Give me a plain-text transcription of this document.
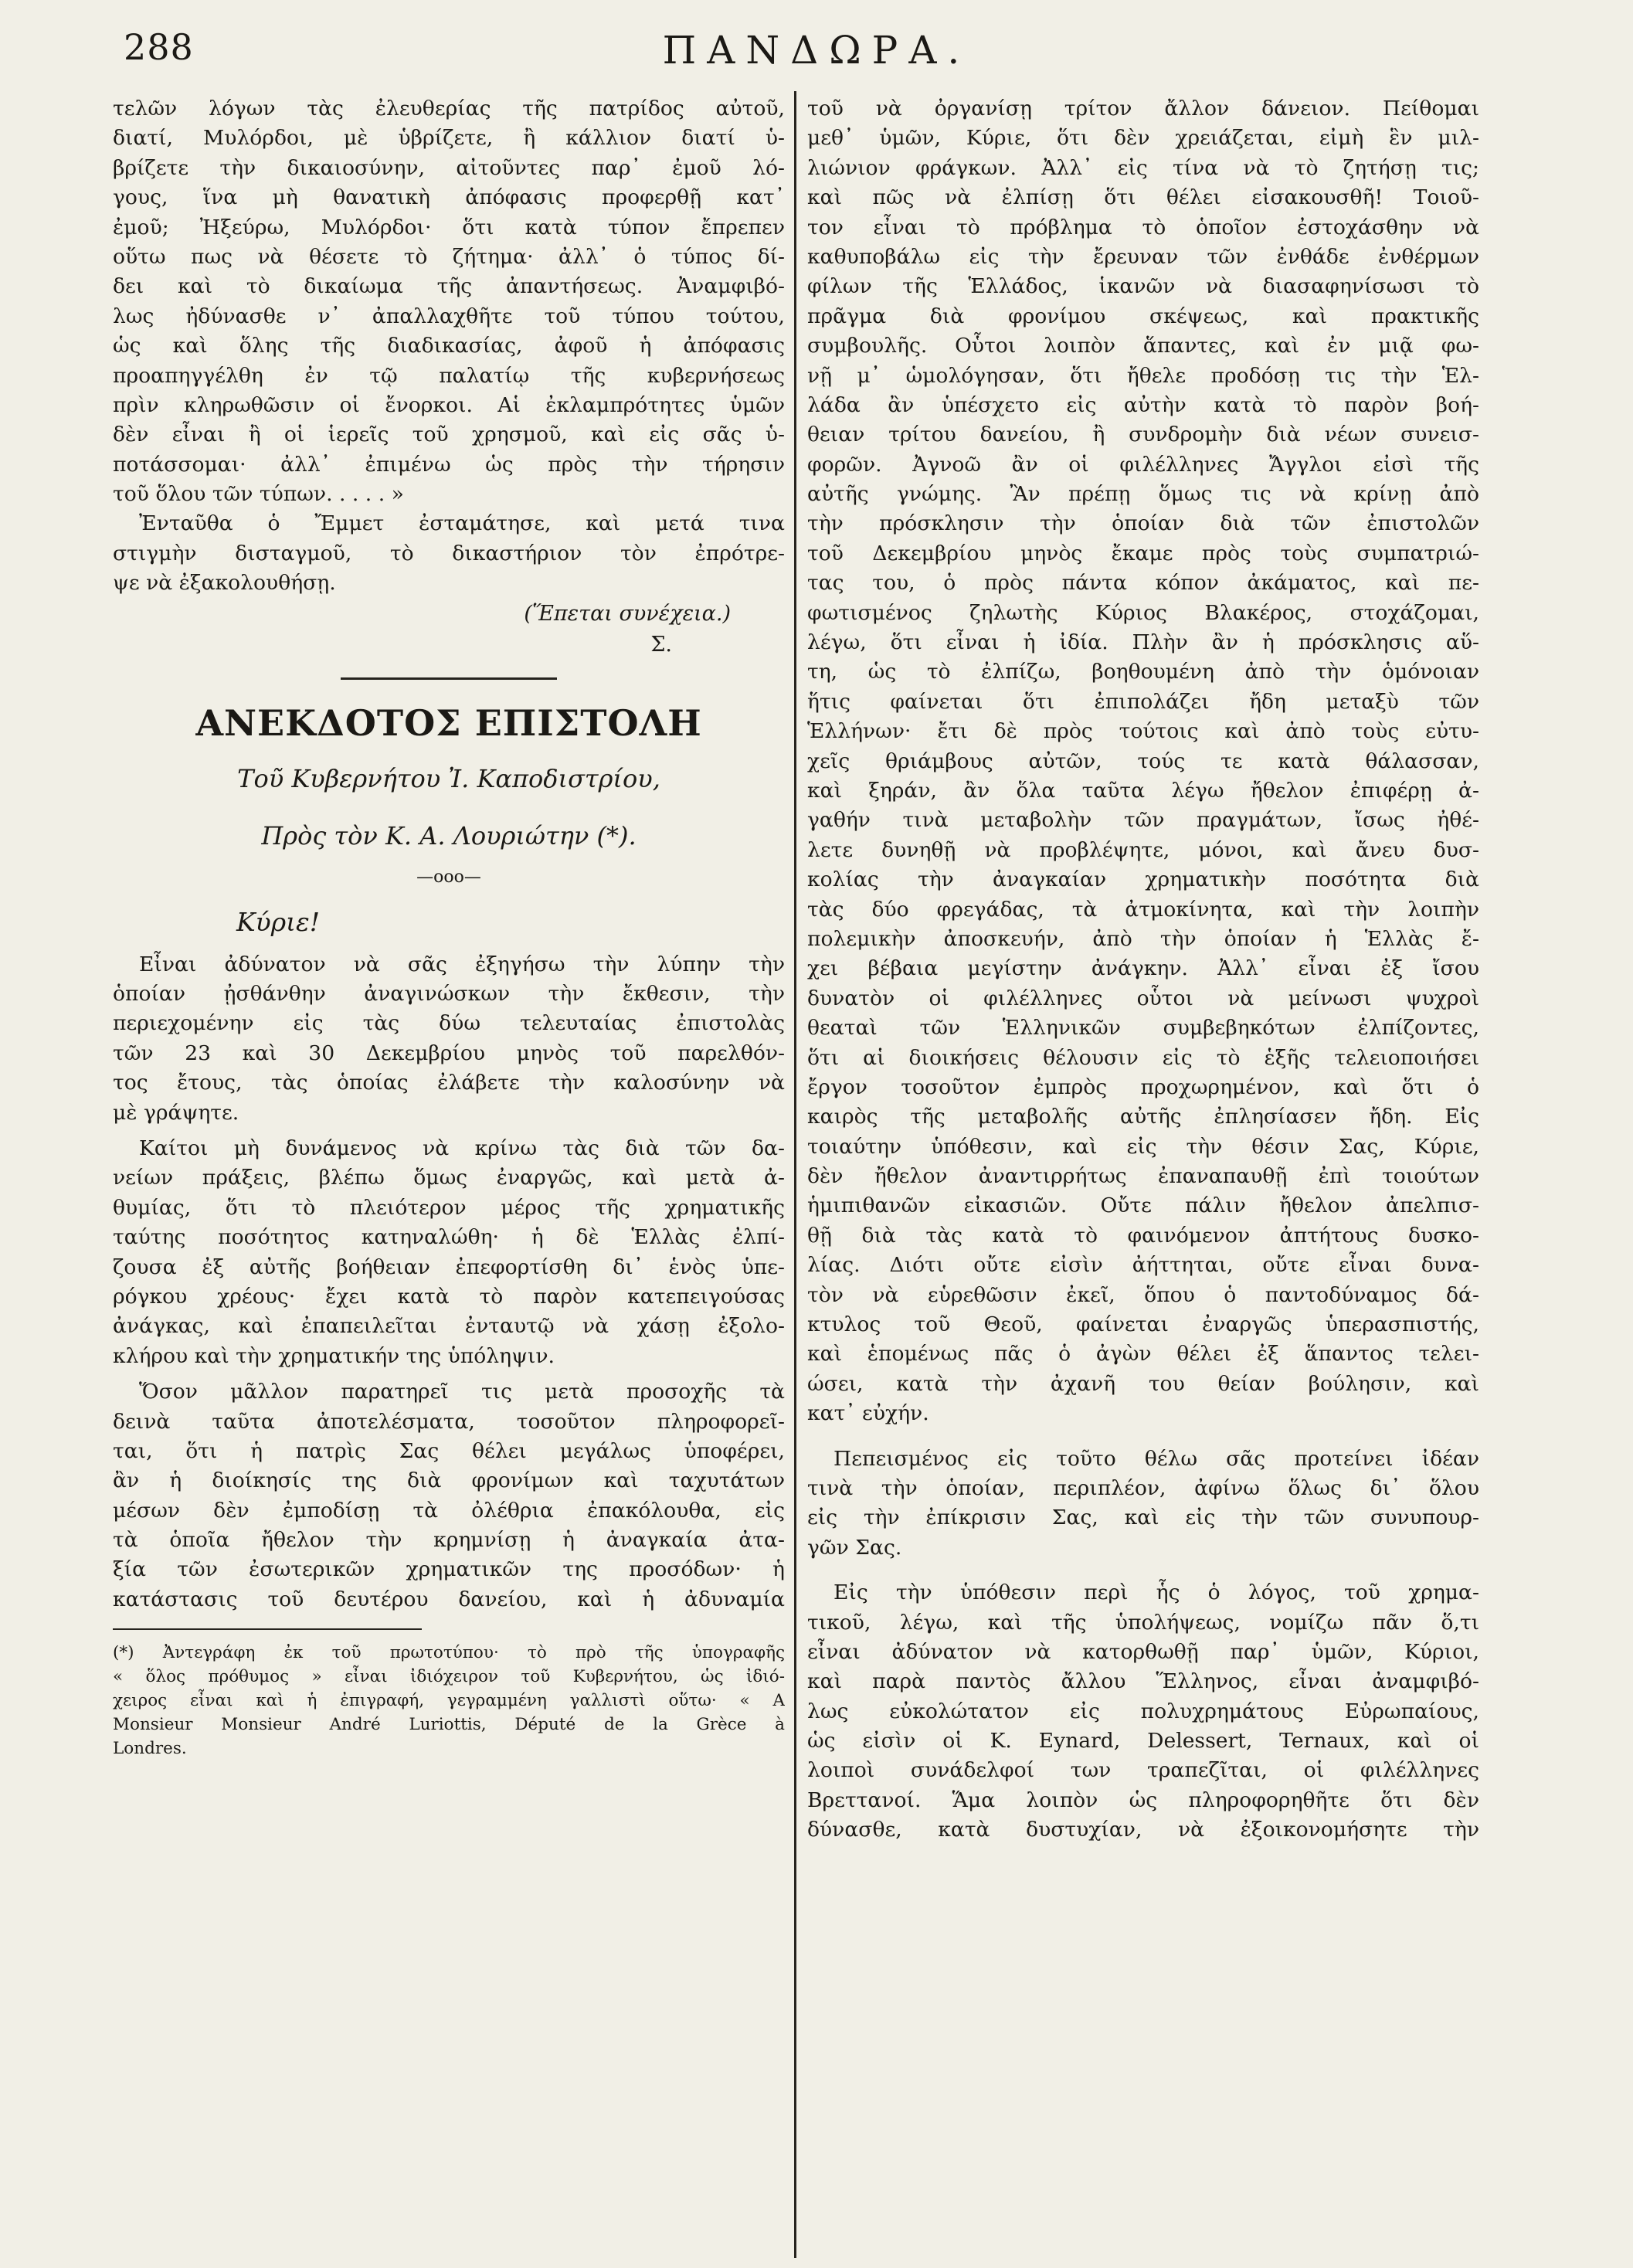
288	ΠΑΝΔΩΡΑ.
τελῶν λόγων τὰς ἐλευθερίας τῆς πατρίδος αὐτοῦ,
διατί, Μυλόρδοι, μὲ ὑβρίζετε, ἢ κάλλιον διατί ὑ-
βρίζετε τὴν δικαιοσύνην, αἰτοῦντες παρ᾽ ἐμοῦ λό-
γους, ἵνα μὴ θανατικὴ ἀπόφασις προφερθῇ κατ᾽
ἐμοῦ; Ἠξεύρω, Μυλόρδοι· ὅτι κατὰ τύπον ἔπρεπεν
οὕτω πως νὰ θέσετε τὸ ζήτημα· ἀλλ᾽ ὁ τύπος δί-
δει καὶ τὸ δικαίωμα τῆς ἀπαντήσεως. Ἀναμφιβό-
λως ἠδύνασθε ν᾽ ἀπαλλαχθῆτε τοῦ τύπου τούτου,
ὡς καὶ ὅλης τῆς διαδικασίας, ἀφοῦ ἡ ἀπόφασις
προαπηγγέλθη ἐν τῷ παλατίῳ τῆς κυβερνήσεως
πρὶν κληρωθῶσιν οἱ ἔνορκοι. Αἱ ἐκλαμπρότητες ὑμῶν
δὲν εἶναι ἢ οἱ ἱερεῖς τοῦ χρησμοῦ, καὶ εἰς σᾶς ὑ-
ποτάσσομαι· ἀλλ᾽ ἐπιμένω ὡς πρὸς τὴν τήρησιν
τοῦ ὅλου τῶν τύπων. . . . . »
Ἐνταῦθα ὁ Ἔμμετ ἐσταμάτησε, καὶ μετά τινα
στιγμὴν δισταγμοῦ, τὸ δικαστήριον τὸν ἐπρότρε-
ψε νὰ ἐξακολουθήσῃ.
(Ἕπεται συνέχεια.)
Σ.
ΑΝΕΚΔΟΤΟΣ ΕΠΙΣΤΟΛΗ
Τοῦ Κυβερνήτου Ἰ. Καποδιστρίου,
Πρὸς τὸν Κ. Α. Λουριώτην (*).
—ooo—
Κύριε!
Εἶναι ἀδύνατον νὰ σᾶς ἐξηγήσω τὴν λύπην τὴν
ὁποίαν ᾐσθάνθην ἀναγινώσκων τὴν ἔκθεσιν, τὴν
περιεχομένην εἰς τὰς δύω τελευταίας ἐπιστολὰς
τῶν 23 καὶ 30 Δεκεμβρίου μηνὸς τοῦ παρελθόν-
τος ἔτους, τὰς ὁποίας ἐλάβετε τὴν καλοσύνην νὰ
μὲ γράψητε.
Καίτοι μὴ δυνάμενος νὰ κρίνω τὰς διὰ τῶν δα-
νείων πράξεις, βλέπω ὅμως ἐναργῶς, καὶ μετὰ ἀ-
θυμίας, ὅτι τὸ πλειότερον μέρος τῆς χρηματικῆς
ταύτης ποσότητος κατηναλώθη· ἡ δὲ Ἑλλὰς ἐλπί-
ζουσα ἐξ αὐτῆς βοήθειαν ἐπεφορτίσθη δι᾽ ἑνὸς ὑπε-
ρόγκου χρέους· ἔχει κατὰ τὸ παρὸν κατεπειγούσας
ἀνάγκας, καὶ ἐπαπειλεῖται ἐνταυτῷ νὰ χάσῃ ἐξολο-
κλήρου καὶ τὴν χρηματικήν της ὑπόληψιν.
Ὅσον μᾶλλον παρατηρεῖ τις μετὰ προσοχῆς τὰ
δεινὰ ταῦτα ἀποτελέσματα, τοσοῦτον πληροφορεῖ-
ται, ὅτι ἡ πατρὶς Σας θέλει μεγάλως ὑποφέρει,
ἂν ἡ διοίκησίς της διὰ φρονίμων καὶ ταχυτάτων
μέσων δὲν ἐμποδίσῃ τὰ ὀλέθρια ἐπακόλουθα, εἰς
τὰ ὁποῖα ἤθελον τὴν κρημνίσῃ ἡ ἀναγκαία ἀτα-
ξία τῶν ἐσωτερικῶν χρηματικῶν της προσόδων· ἡ
κατάστασις τοῦ δευτέρου δανείου, καὶ ἡ ἀδυναμία
(*) Ἀντεγράφη ἐκ τοῦ πρωτοτύπου· τὸ πρὸ τῆς ὑπογραφῆς
« ὅλος πρόθυμος » εἶναι ἰδιόχειρον τοῦ Κυβερνήτου, ὡς ἰδιό-
χειρος εἶναι καὶ ἡ ἐπιγραφή, γεγραμμένη γαλλιστὶ οὕτω· « A
Monsieur Monsieur André Luriottis, Député de la Grèce à
Londres.
τοῦ νὰ ὀργανίσῃ τρίτον ἄλλον δάνειον. Πείθομαι
μεθ᾽ ὑμῶν, Κύριε, ὅτι δὲν χρειάζεται, εἰμὴ ἓν μιλ-
λιώνιον φράγκων. Ἀλλ᾽ εἰς τίνα νὰ τὸ ζητήσῃ τις;
καὶ πῶς νὰ ἐλπίσῃ ὅτι θέλει εἰσακουσθῆ! Τοιοῦ-
τον εἶναι τὸ πρόβλημα τὸ ὁποῖον ἐστοχάσθην νὰ
καθυποβάλω εἰς τὴν ἔρευναν τῶν ἐνθάδε ἐνθέρμων
φίλων τῆς Ἑλλάδος, ἱκανῶν νὰ διασαφηνίσωσι τὸ
πρᾶγμα διὰ φρονίμου σκέψεως, καὶ πρακτικῆς
συμβουλῆς. Οὗτοι λοιπὸν ἅπαντες, καὶ ἐν μιᾷ φω-
νῇ μ᾽ ὡμολόγησαν, ὅτι ἤθελε προδόσῃ τις τὴν Ἑλ-
λάδα ἂν ὑπέσχετο εἰς αὐτὴν κατὰ τὸ παρὸν βοή-
θειαν τρίτου δανείου, ἢ συνδρομὴν διὰ νέων συνεισ-
φορῶν. Ἀγνοῶ ἂν οἱ φιλέλληνες Ἄγγλοι εἰσὶ τῆς
αὐτῆς γνώμης. Ἂν πρέπῃ ὅμως τις νὰ κρίνῃ ἀπὸ
τὴν πρόσκλησιν τὴν ὁποίαν διὰ τῶν ἐπιστολῶν
τοῦ Δεκεμβρίου μηνὸς ἔκαμε πρὸς τοὺς συμπατριώ-
τας του, ὁ πρὸς πάντα κόπον ἀκάματος, καὶ πε-
φωτισμένος ζηλωτὴς Κύριος Βλακέρος, στοχάζομαι,
λέγω, ὅτι εἶναι ἡ ἰδία. Πλὴν ἂν ἡ πρόσκλησις αὕ-
τη, ὡς τὸ ἐλπίζω, βοηθουμένη ἀπὸ τὴν ὁμόνοιαν
ἥτις φαίνεται ὅτι ἐπιπολάζει ἤδη μεταξὺ τῶν
Ἑλλήνων· ἔτι δὲ πρὸς τούτοις καὶ ἀπὸ τοὺς εὐτυ-
χεῖς θριάμβους αὐτῶν, τούς τε κατὰ θάλασσαν,
καὶ ξηράν, ἂν ὅλα ταῦτα λέγω ἤθελον ἐπιφέρῃ ἀ-
γαθήν τινὰ μεταβολὴν τῶν πραγμάτων, ἴσως ἠθέ-
λετε δυνηθῇ νὰ προβλέψητε, μόνοι, καὶ ἄνευ δυσ-
κολίας τὴν ἀναγκαίαν χρηματικὴν ποσότητα διὰ
τὰς δύο φρεγάδας, τὰ ἀτμοκίνητα, καὶ τὴν λοιπὴν
πολεμικὴν ἀποσκευήν, ἀπὸ τὴν ὁποίαν ἡ Ἑλλὰς ἔ-
χει βέβαια μεγίστην ἀνάγκην. Ἀλλ᾽ εἶναι ἐξ ἴσου
δυνατὸν οἱ φιλέλληνες οὗτοι νὰ μείνωσι ψυχροὶ
θεαταὶ τῶν Ἑλληνικῶν συμβεβηκότων ἐλπίζοντες,
ὅτι αἱ διοικήσεις θέλουσιν εἰς τὸ ἑξῆς τελειοποιήσει
ἔργον τοσοῦτον ἐμπρὸς προχωρημένον, καὶ ὅτι ὁ
καιρὸς τῆς μεταβολῆς αὐτῆς ἐπλησίασεν ἤδη. Εἰς
τοιαύτην ὑπόθεσιν, καὶ εἰς τὴν θέσιν Σας, Κύριε,
δὲν ἤθελον ἀναντιρρήτως ἐπαναπαυθῇ ἐπὶ τοιούτων
ἡμιπιθανῶν εἰκασιῶν. Οὔτε πάλιν ἤθελον ἀπελπισ-
θῇ διὰ τὰς κατὰ τὸ φαινόμενον ἀπτήτους δυσκο-
λίας. Διότι οὔτε εἰσὶν ἀήττηται, οὔτε εἶναι δυνα-
τὸν νὰ εὑρεθῶσιν ἐκεῖ, ὅπου ὁ παντοδύναμος δά-
κτυλος τοῦ Θεοῦ, φαίνεται ἐναργῶς ὑπερασπιστής,
καὶ ἑπομένως πᾶς ὁ ἀγὼν θέλει ἐξ ἅπαντος τελει-
ώσει, κατὰ τὴν ἀχανῆ του θείαν βούλησιν, καὶ
κατ᾽ εὐχήν.
Πεπεισμένος εἰς τοῦτο θέλω σᾶς προτείνει ἰδέαν
τινὰ τὴν ὁποίαν, περιπλέον, ἀφίνω ὅλως δι᾽ ὅλου
εἰς τὴν ἐπίκρισιν Σας, καὶ εἰς τὴν τῶν συνυπουρ-
γῶν Σας.
Εἰς τὴν ὑπόθεσιν περὶ ἧς ὁ λόγος, τοῦ χρημα-
τικοῦ, λέγω, καὶ τῆς ὑπολήψεως, νομίζω πᾶν ὅ,τι
εἶναι ἀδύνατον νὰ κατορθωθῇ παρ᾽ ὑμῶν, Κύριοι,
καὶ παρὰ παντὸς ἄλλου Ἕλληνος, εἶναι ἀναμφιβό-
λως εὐκολώτατον εἰς πολυχρημάτους Εὐρωπαίους,
ὡς εἰσὶν οἱ Κ. Eynard, Delessert, Ternaux, καὶ οἱ
λοιποὶ συνάδελφοί των τραπεζῖται, οἱ φιλέλληνες
Βρεττανοί. Ἅμα λοιπὸν ὡς πληροφορηθῆτε ὅτι δὲν
δύνασθε, κατὰ δυστυχίαν, νὰ ἐξοικονομήσητε τὴν
